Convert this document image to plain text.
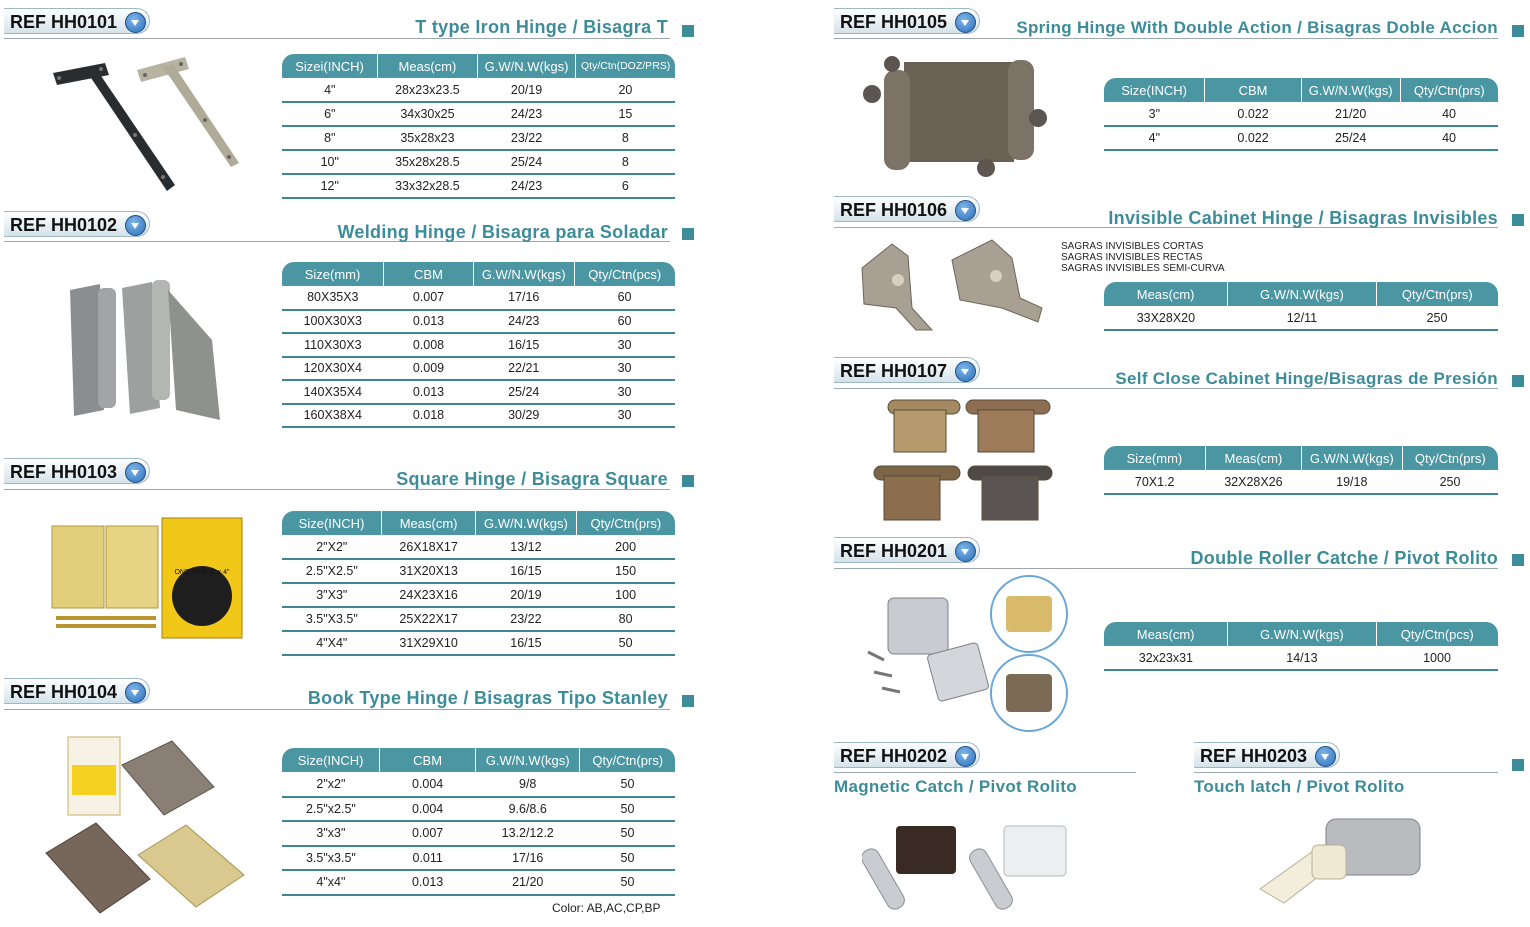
REF HH0101	T type Iron Hinge / Bisagra T
Sizei(INCH)	Meas(cm)	G.W/N.W(kgs)	Qty/Ctn(DOZ/PRS)
4"	28x23x23.5	20/19	20
6"	34x30x25	24/23	15
8"	35x28x23	23/22	8
10"	35x28x28.5	25/24	8
12"	33x32x28.5	24/23	6
REF HH0102	Welding Hinge / Bisagra para Soladar
Size(mm)	CBM	G.W/N.W(kgs)	Qty/Ctn(pcs)
80X35X3	0.007	17/16	60
100X30X3	0.013	24/23	60
110X30X3	0.008	16/15	30
120X30X4	0.009	22/21	30
140X35X4	0.013	25/24	30
160X38X4	0.018	30/29	30
REF HH0103	Square Hinge / Bisagra Square
ONE PAIR 4" x 4"
Size(INCH)	Meas(cm)	G.W/N.W(kgs)	Qty/Ctn(prs)
2"X2"	26X18X17	13/12	200
2.5"X2.5"	31X20X13	16/15	150
3"X3"	24X23X16	20/19	100
3.5"X3.5"	25X22X17	23/22	80
4"X4"	31X29X10	16/15	50
REF HH0104	Book Type Hinge / Bisagras Tipo Stanley
Size(INCH)	CBM	G.W/N.W(kgs)	Qty/Ctn(prs)
2"x2"	0.004	9/8	50
2.5"x2.5"	0.004	9.6/8.6	50
3"x3"	0.007	13.2/12.2	50
3.5"x3.5"	0.011	17/16	50
4"x4"	0.013	21/20	50
Color: AB,AC,CP,BP
REF HH0105	Spring Hinge With Double Action / Bisagras Doble Accion
Size(INCH)	CBM	G.W/N.W(kgs)	Qty/Ctn(prs)
3"	0.022	21/20	40
4"	0.022	25/24	40
REF HH0106	Invisible Cabinet Hinge / Bisagras Invisibles
SAGRAS INVISIBLES CORTAS
SAGRAS INVISIBLES RECTAS
SAGRAS INVISIBLES SEMI-CURVA
Meas(cm)	G.W/N.W(kgs)	Qty/Ctn(prs)
33X28X20	12/11	250
REF HH0107	Self Close Cabinet Hinge/Bisagras de Presión
Size(mm)	Meas(cm)	G.W/N.W(kgs)	Qty/Ctn(prs)
70X1.2	32X28X26	19/18	250
REF HH0201	Double Roller Catche / Pivot Rolito
Meas(cm)	G.W/N.W(kgs)	Qty/Ctn(pcs)
32x23x31	14/13	1000
REF HH0202
Magnetic Catch / Pivot Rolito
REF HH0203
Touch latch / Pivot Rolito
